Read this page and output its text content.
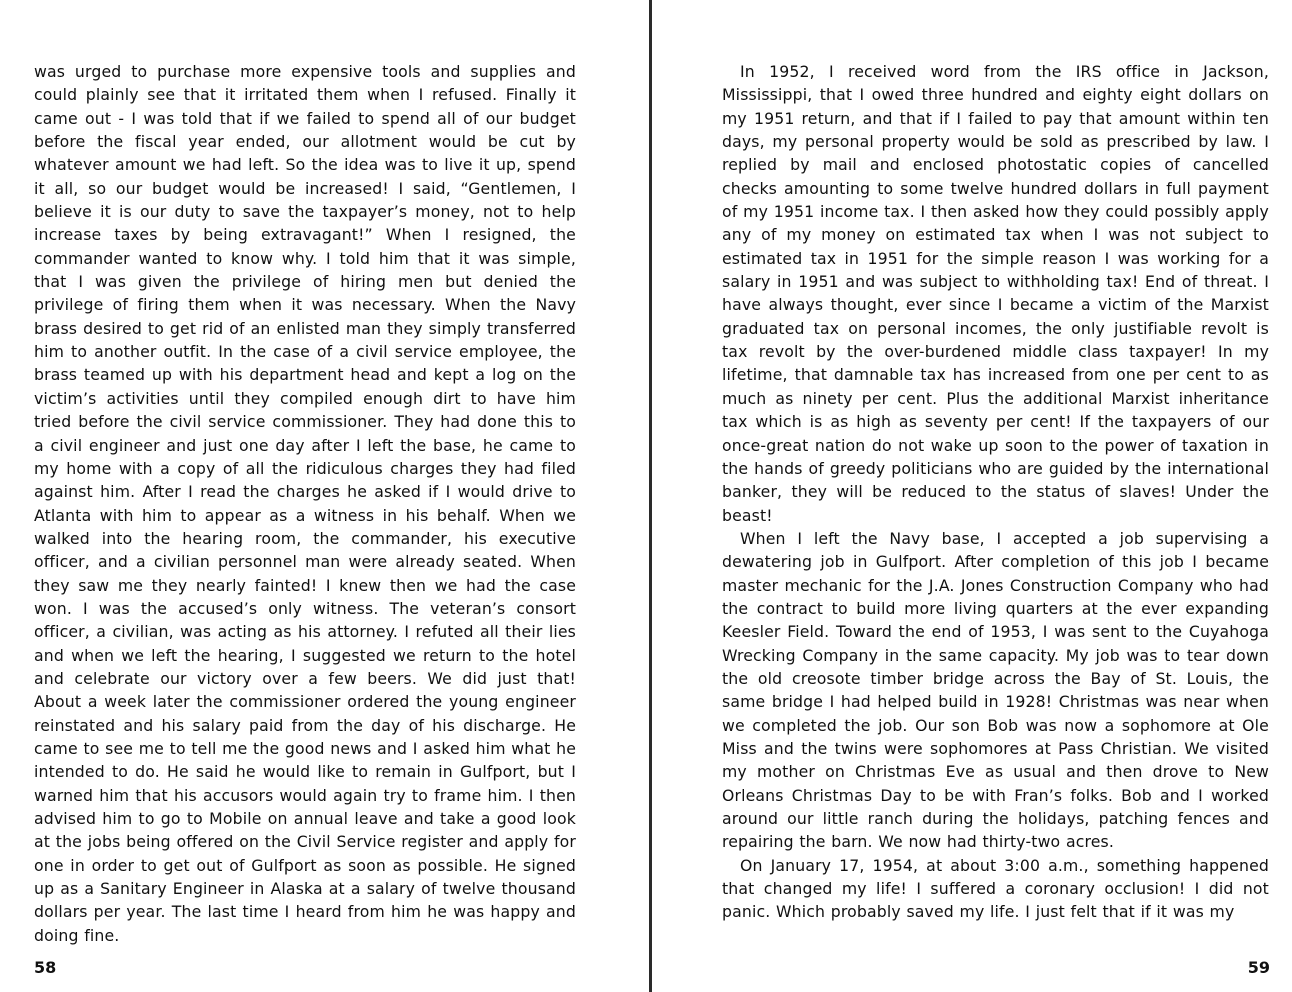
was urged to purchase more expensive tools and supplies and could plainly see that it irritated them when I refused. Finally it came out - I was told that if we failed to spend all of our budget before the fiscal year ended, our allotment would be cut by whatever amount we had left. So the idea was to live it up, spend it all, so our budget would be increased! I said, “Gentlemen, I believe it is our duty to save the taxpayer’s money, not to help increase taxes by being extravagant!” When I resigned, the commander wanted to know why. I told him that it was simple, that I was given the privilege of hiring men but denied the privilege of firing them when it was necessary. When the Navy brass desired to get rid of an enlisted man they simply transferred him to another outfit. In the case of a civil service employee, the brass teamed up with his department head and kept a log on the victim’s activities until they compiled enough dirt to have him tried before the civil service commissioner. They had done this to a civil engineer and just one day after I left the base, he came to my home with a copy of all the ridiculous charges they had filed against him. After I read the charges he asked if I would drive to Atlanta with him to appear as a witness in his behalf. When we walked into the hearing room, the commander, his executive officer, and a civilian personnel man were already seated. When they saw me they nearly fainted! I knew then we had the case won. I was the accused’s only witness. The veteran’s consort officer, a civilian, was acting as his attorney. I refuted all their lies and when we left the hearing, I suggested we return to the hotel and celebrate our victory over a few beers. We did just that! About a week later the commissioner ordered the young engineer reinstated and his salary paid from the day of his discharge. He came to see me to tell me the good news and I asked him what he intended to do. He said he would like to remain in Gulfport, but I warned him that his accusors would again try to frame him. I then advised him to go to Mobile on annual leave and take a good look at the jobs being offered on the Civil Service register and apply for one in order to get out of Gulfport as soon as possible. He signed up as a Sanitary Engineer in Alaska at a salary of twelve thousand dollars per year. The last time I heard from him he was happy and doing fine.

58

In 1952, I received word from the IRS office in Jackson, Mississippi, that I owed three hundred and eighty eight dollars on my 1951 return, and that if I failed to pay that amount within ten days, my personal property would be sold as prescribed by law. I replied by mail and enclosed photostatic copies of cancelled checks amounting to some twelve hundred dollars in full payment of my 1951 income tax. I then asked how they could possibly apply any of my money on estimated tax when I was not subject to estimated tax in 1951 for the simple reason I was working for a salary in 1951 and was subject to withholding tax! End of threat. I have always thought, ever since I became a victim of the Marxist graduated tax on personal incomes, the only justifiable revolt is tax revolt by the over-burdened middle class taxpayer! In my lifetime, that damnable tax has increased from one per cent to as much as ninety per cent. Plus the additional Marxist inheritance tax which is as high as seventy per cent! If the taxpayers of our once-great nation do not wake up soon to the power of taxation in the hands of greedy politicians who are guided by the international banker, they will be reduced to the status of slaves! Under the beast!

When I left the Navy base, I accepted a job supervising a dewatering job in Gulfport. After completion of this job I became master mechanic for the J.A. Jones Construction Company who had the contract to build more living quarters at the ever expanding Keesler Field. Toward the end of 1953, I was sent to the Cuyahoga Wrecking Company in the same capacity. My job was to tear down the old creosote timber bridge across the Bay of St. Louis, the same bridge I had helped build in 1928! Christmas was near when we completed the job. Our son Bob was now a sophomore at Ole Miss and the twins were sophomores at Pass Christian. We visited my mother on Christmas Eve as usual and then drove to New Orleans Christmas Day to be with Fran’s folks. Bob and I worked around our little ranch during the holidays, patching fences and repairing the barn. We now had thirty-two acres.

On January 17, 1954, at about 3:00 a.m., something happened that changed my life! I suffered a coronary occlusion! I did not panic. Which probably saved my life. I just felt that if it was my

59
